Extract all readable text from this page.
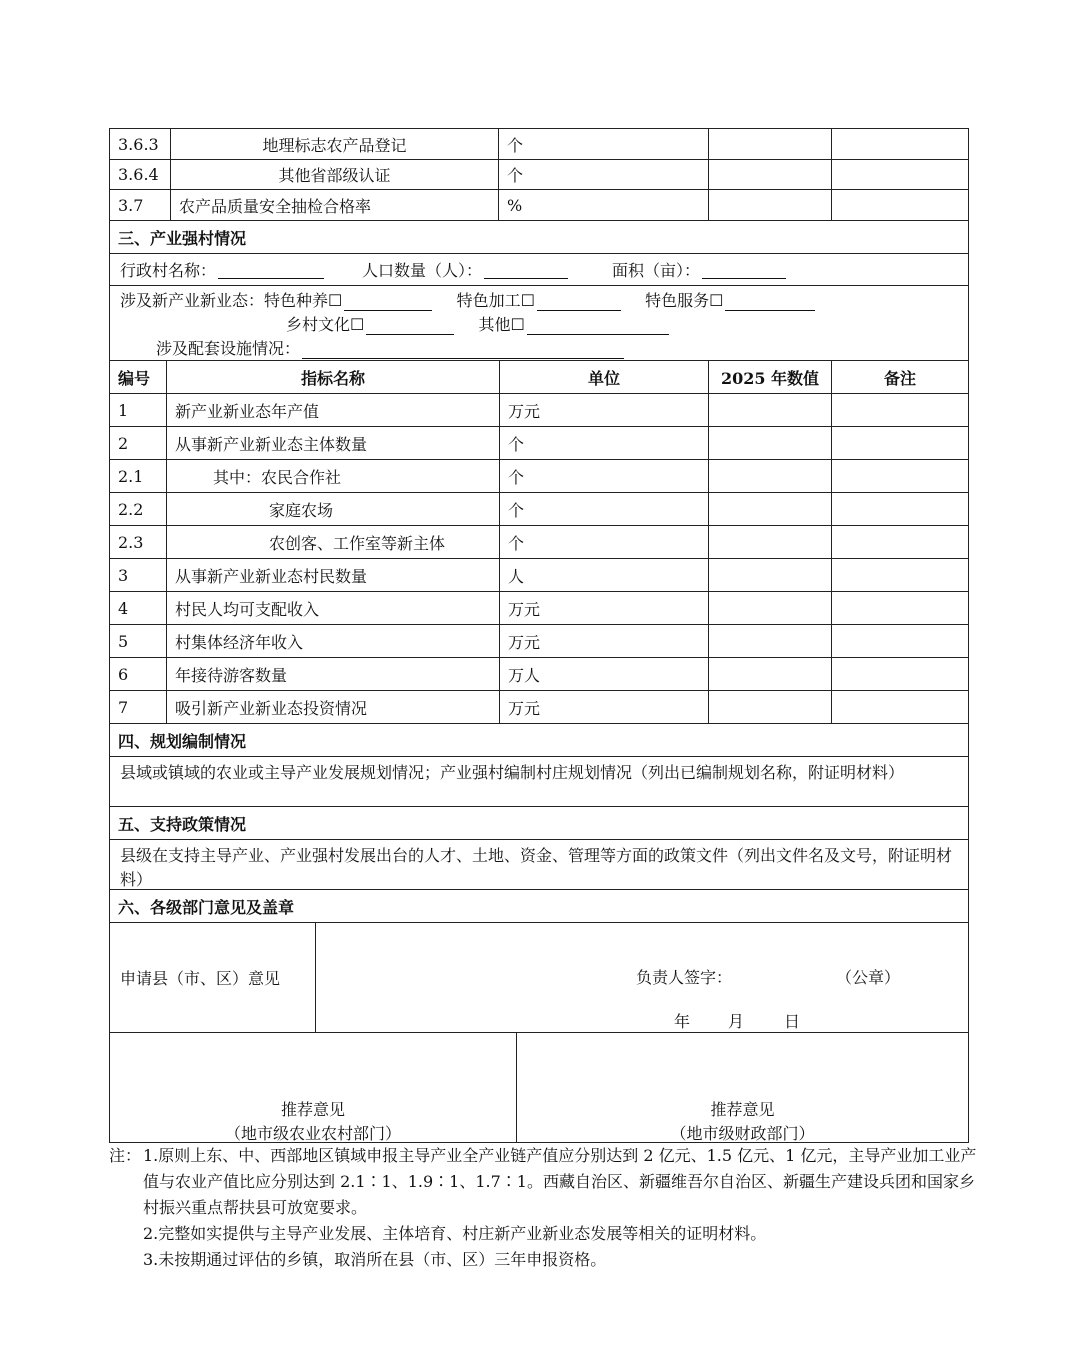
3.6.3	地理标志农产品登记	个
3.6.4	其他省部级认证	个
3.7	农产品质量安全抽检合格率	%
三、产业强村情况
行政村名称：	人口数量（人）：	面积（亩）：
涉及新产业新业态：特色种养☐	特色加工☐	特色服务☐
乡村文化☐	其他☐
涉及配套设施情况：
编号	指标名称	单位	2025 年数值	备注
1	新产业新业态年产值	万元
2	从事新产业新业态主体数量	个
2.1	其中：农民合作社	个
2.2	家庭农场	个
2.3	农创客、工作室等新主体	个
3	从事新产业新业态村民数量	人
4	村民人均可支配收入	万元
5	村集体经济年收入	万元
6	年接待游客数量	万人
7	吸引新产业新业态投资情况	万元
四、规划编制情况
县域或镇域的农业或主导产业发展规划情况；产业强村编制村庄规划情况（列出已编制规划名称，附证明材料）
五、支持政策情况
县级在支持主导产业、产业强村发展出台的人才、土地、资金、管理等方面的政策文件（列出文件名及文号，附证明材料）
六、各级部门意见及盖章
申请县（市、区）意见	负责人签字：	（公章）
年 月 日
推荐意见
（地市级农业农村部门）
推荐意见
（地市级财政部门）
注： 1.原则上东、中、西部地区镇域申报主导产业全产业链产值应分别达到 2 亿元、1.5 亿元、1 亿元，主导产业加工业产值与农业产值比应分别达到 2.1∶1、1.9∶1、1.7∶1。西藏自治区、新疆维吾尔自治区、新疆生产建设兵团和国家乡村振兴重点帮扶县可放宽要求。
2.完整如实提供与主导产业发展、主体培育、村庄新产业新业态发展等相关的证明材料。
3.未按期通过评估的乡镇，取消所在县（市、区）三年申报资格。
